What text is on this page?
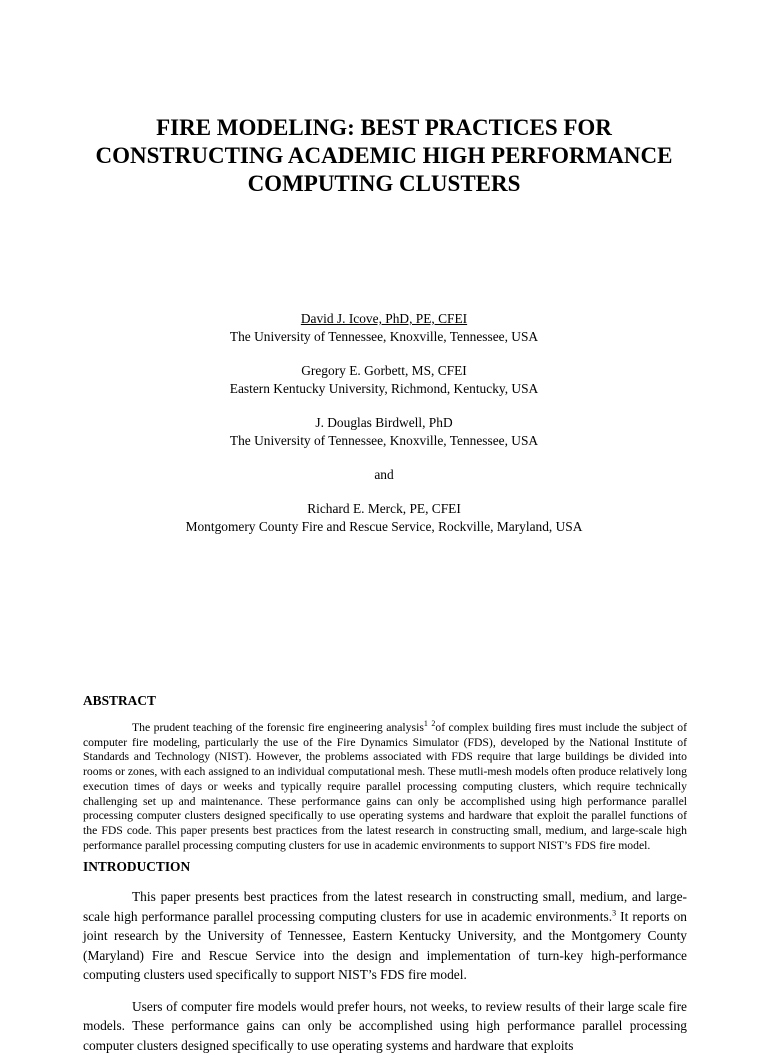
FIRE MODELING: BEST PRACTICES FOR CONSTRUCTING ACADEMIC HIGH PERFORMANCE COMPUTING CLUSTERS

David J. Icove, PhD, PE, CFEI
The University of Tennessee, Knoxville, Tennessee, USA

Gregory E. Gorbett, MS, CFEI
Eastern Kentucky University, Richmond, Kentucky, USA

J. Douglas Birdwell, PhD
The University of Tennessee, Knoxville, Tennessee, USA

and

Richard E. Merck, PE, CFEI
Montgomery County Fire and Rescue Service, Rockville, Maryland, USA

ABSTRACT

The prudent teaching of the forensic fire engineering analysis$^1$ $^2$of complex building fires must include the subject of computer fire modeling, particularly the use of the Fire Dynamics Simulator (FDS), developed by the National Institute of Standards and Technology (NIST). However, the problems associated with FDS require that large buildings be divided into rooms or zones, with each assigned to an individual computational mesh. These mutli-mesh models often produce relatively long execution times of days or weeks and typically require parallel processing computing clusters, which require technically challenging set up and maintenance. These performance gains can only be accomplished using high performance parallel processing computer clusters designed specifically to use operating systems and hardware that exploit the parallel functions of the FDS code. This paper presents best practices from the latest research in constructing small, medium, and large-scale high performance parallel processing computing clusters for use in academic environments to support NIST’s FDS fire model.

INTRODUCTION

This paper presents best practices from the latest research in constructing small, medium, and large-scale high performance parallel processing computing clusters for use in academic environments.$^3$ It reports on joint research by the University of Tennessee, Eastern Kentucky University, and the Montgomery County (Maryland) Fire and Rescue Service into the design and implementation of turn-key high-performance computing clusters used specifically to support NIST’s FDS fire model.

Users of computer fire models would prefer hours, not weeks, to review results of their large scale fire models. These performance gains can only be accomplished using high performance parallel processing computer clusters designed specifically to use operating systems and hardware that exploits
